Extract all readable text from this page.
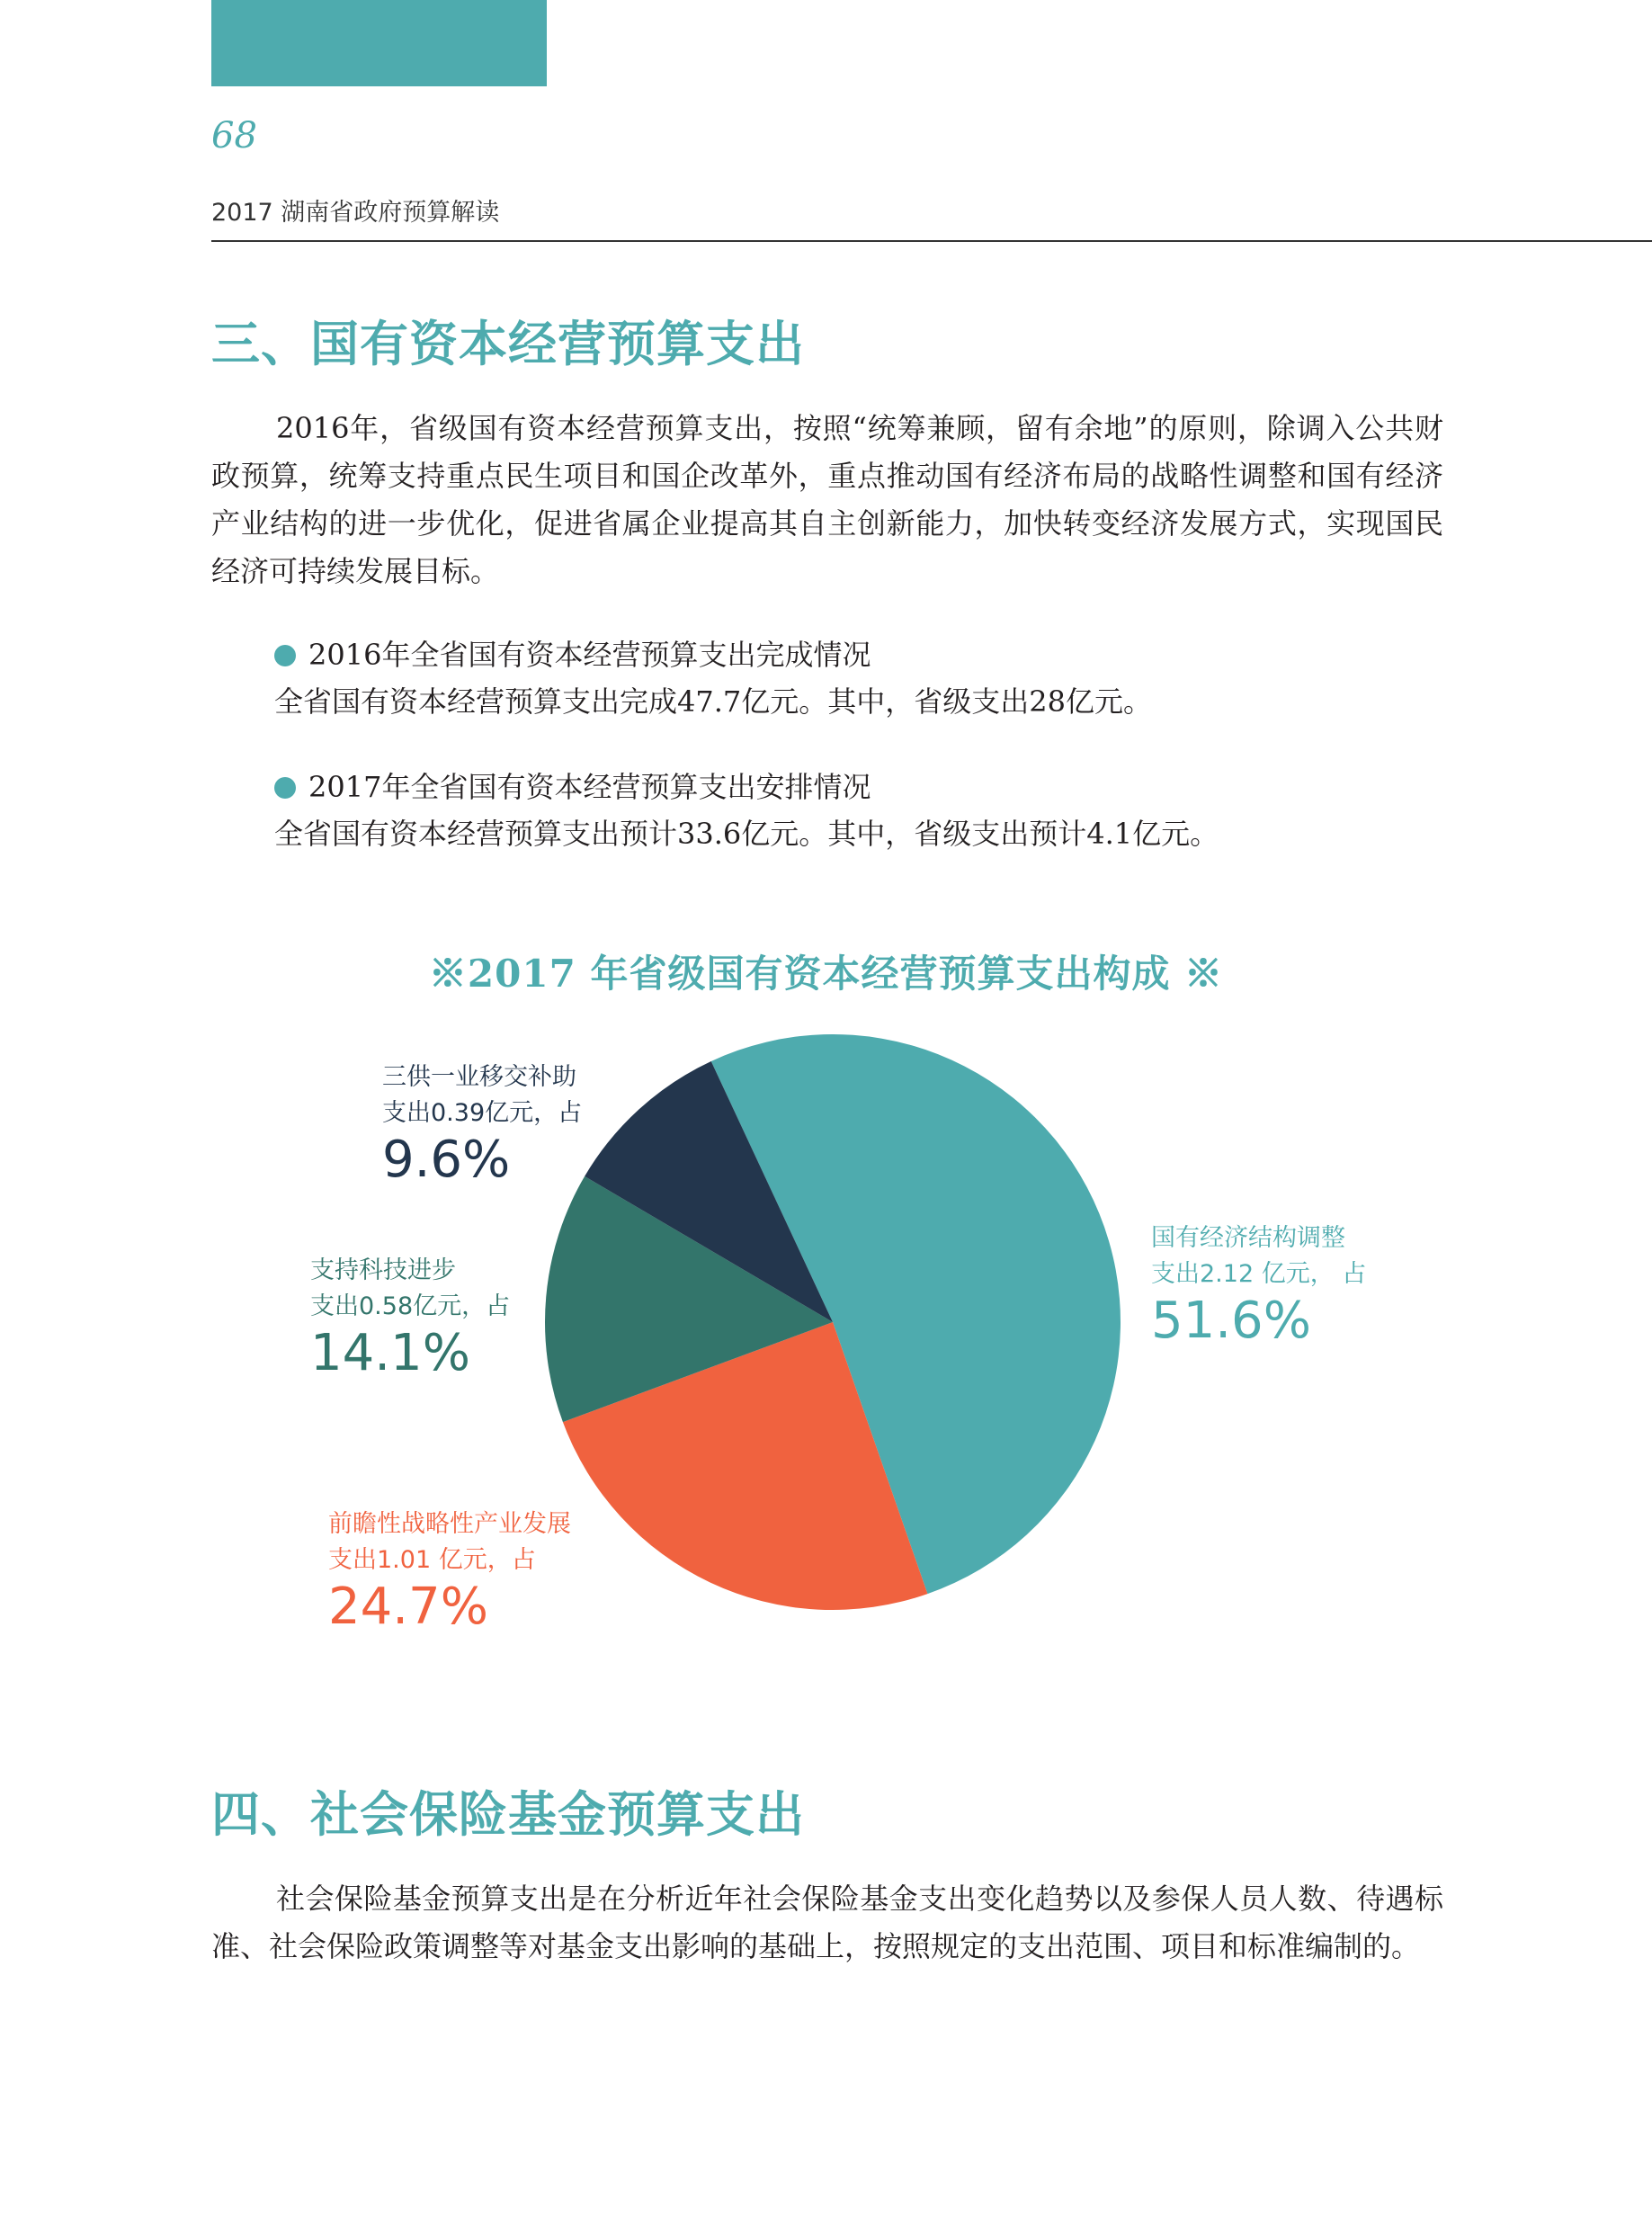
68
2017 湖南省政府预算解读
三、国有资本经营预算支出

2016年，省级国有资本经营预算支出，按照“统筹兼顾，留有余地”的原则，除调入公共财政预算，统筹支持重点民生项目和国企改革外，重点推动国有经济布局的战略性调整和国有经济产业结构的进一步优化，促进省属企业提高其自主创新能力，加快转变经济发展方式，实现国民经济可持续发展目标。

2016年全省国有资本经营预算支出完成情况
全省国有资本经营预算支出完成47.7亿元。其中，省级支出28亿元。
2017年全省国有资本经营预算支出安排情况
全省国有资本经营预算支出预计33.6亿元。其中，省级支出预计4.1亿元。
※2017 年省级国有资本经营预算支出构成 ※
国有经济结构调整
支出2.12 亿元， 占
51.6%
前瞻性战略性产业发展
支出1.01 亿元，占
24.7%
支持科技进步
支出0.58亿元，占
14.1%
三供一业移交补助
支出0.39亿元，占
9.6%
四、社会保险基金预算支出

社会保险基金预算支出是在分析近年社会保险基金支出变化趋势以及参保人员人数、待遇标准、社会保险政策调整等对基金支出影响的基础上，按照规定的支出范围、项目和标准编制的。
